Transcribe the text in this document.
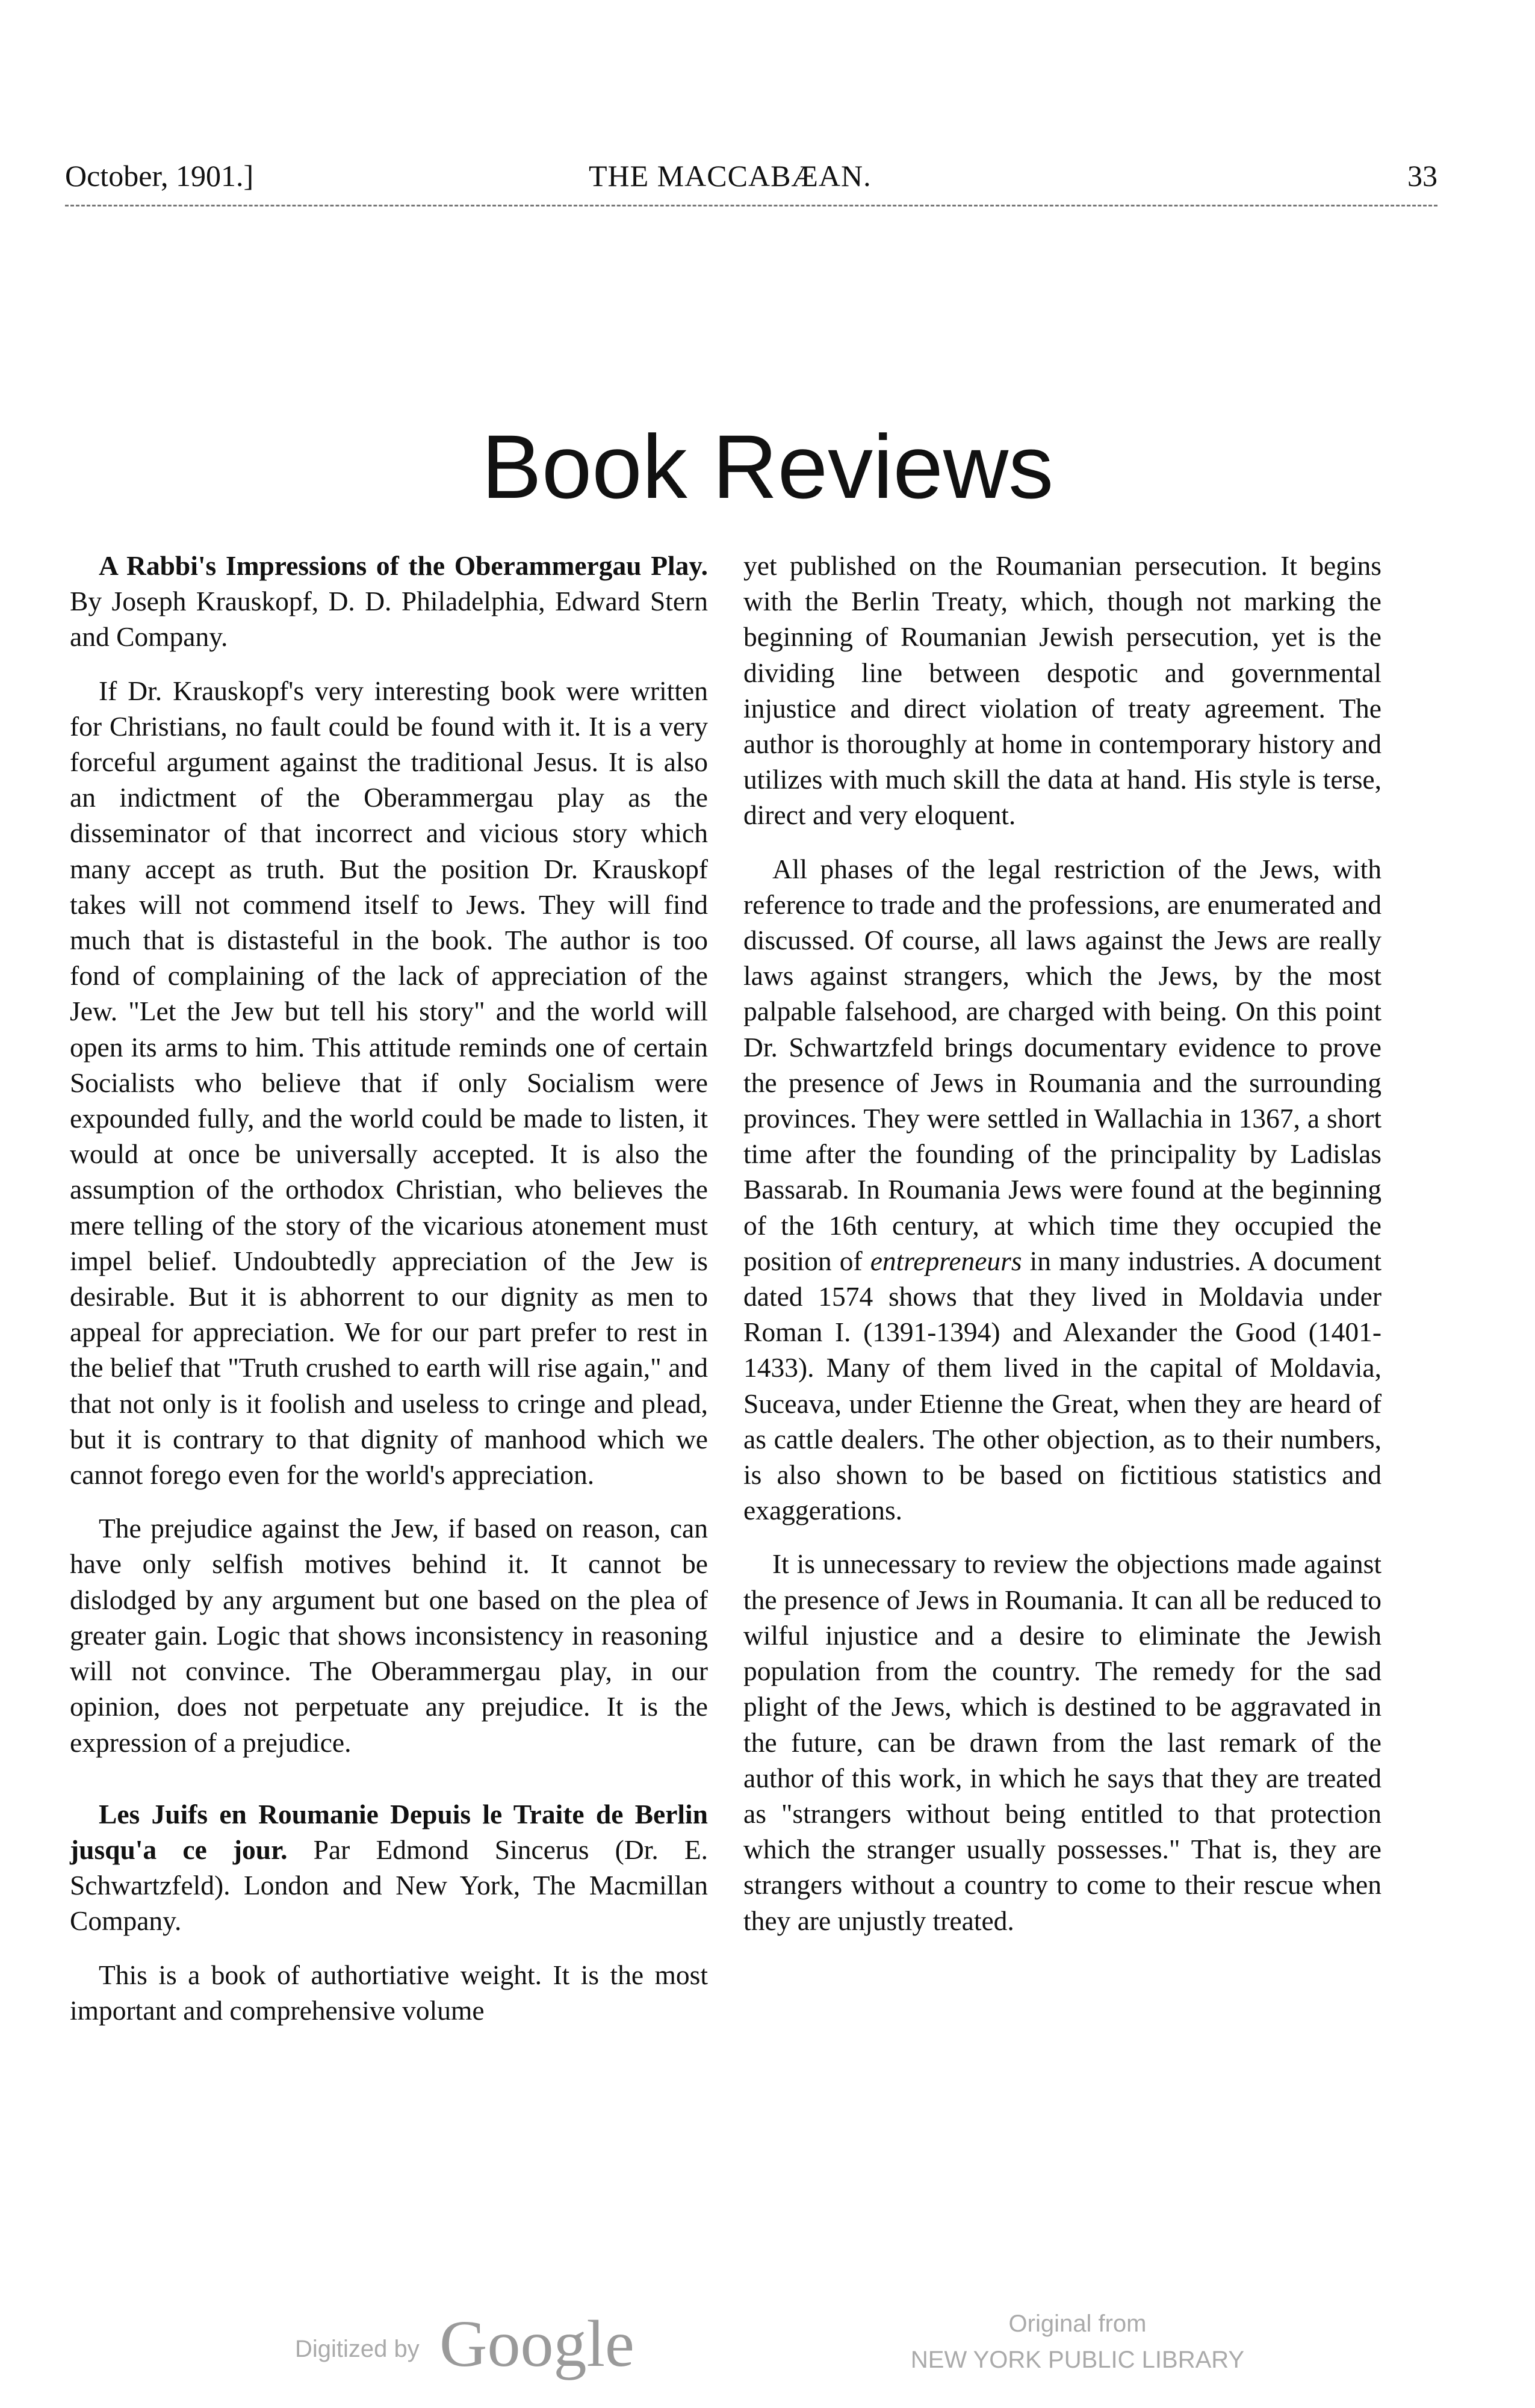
October, 1901.]	THE MACCABÆAN.	33
Book Reviews

A Rabbi's Impressions of the Oberammergau Play. By Joseph Krauskopf, D. D. Philadelphia, Edward Stern and Company.

If Dr. Krauskopf's very interesting book were written for Christians, no fault could be found with it. It is a very forceful argument against the traditional Jesus. It is also an indictment of the Oberammergau play as the disseminator of that incorrect and vicious story which many accept as truth. But the position Dr. Krauskopf takes will not commend itself to Jews. They will find much that is distasteful in the book. The author is too fond of complaining of the lack of appreciation of the Jew. "Let the Jew but tell his story" and the world will open its arms to him. This attitude reminds one of certain Socialists who believe that if only Socialism were expounded fully, and the world could be made to listen, it would at once be universally accepted. It is also the assumption of the orthodox Christian, who believes the mere telling of the story of the vicarious atonement must impel belief. Undoubtedly appreciation of the Jew is desirable. But it is abhorrent to our dignity as men to appeal for appreciation. We for our part prefer to rest in the belief that "Truth crushed to earth will rise again," and that not only is it foolish and useless to cringe and plead, but it is contrary to that dignity of manhood which we cannot forego even for the world's appreciation.

The prejudice against the Jew, if based on reason, can have only selfish motives behind it. It cannot be dislodged by any argument but one based on the plea of greater gain. Logic that shows inconsistency in reasoning will not convince. The Oberammergau play, in our opinion, does not perpetuate any prejudice. It is the expression of a prejudice.

Les Juifs en Roumanie Depuis le Traite de Berlin jusqu'a ce jour. Par Edmond Sincerus (Dr. E. Schwartzfeld). London and New York, The Macmillan Company.

This is a book of authortiative weight. It is the most important and comprehensive volume

yet published on the Roumanian persecution. It begins with the Berlin Treaty, which, though not marking the beginning of Roumanian Jewish persecution, yet is the dividing line between despotic and governmental injustice and direct violation of treaty agreement. The author is thoroughly at home in contemporary history and utilizes with much skill the data at hand. His style is terse, direct and very eloquent.

All phases of the legal restriction of the Jews, with reference to trade and the professions, are enumerated and discussed. Of course, all laws against the Jews are really laws against strangers, which the Jews, by the most palpable falsehood, are charged with being. On this point Dr. Schwartzfeld brings documentary evidence to prove the presence of Jews in Roumania and the surrounding provinces. They were settled in Wallachia in 1367, a short time after the founding of the principality by Ladislas Bassarab. In Roumania Jews were found at the beginning of the 16th century, at which time they occupied the position of entrepreneurs in many industries. A document dated 1574 shows that they lived in Moldavia under Roman I. (1391-1394) and Alexander the Good (1401-1433). Many of them lived in the capital of Moldavia, Suceava, under Etienne the Great, when they are heard of as cattle dealers. The other objection, as to their numbers, is also shown to be based on fictitious statistics and exaggerations.

It is unnecessary to review the objections made against the presence of Jews in Roumania. It can all be reduced to wilful injustice and a desire to eliminate the Jewish population from the country. The remedy for the sad plight of the Jews, which is destined to be aggravated in the future, can be drawn from the last remark of the author of this work, in which he says that they are treated as "strangers without being entitled to that protection which the stranger usually possesses." That is, they are strangers without a country to come to their rescue when they are unjustly treated.

Digitized by Google	Original from
NEW YORK PUBLIC LIBRARY
